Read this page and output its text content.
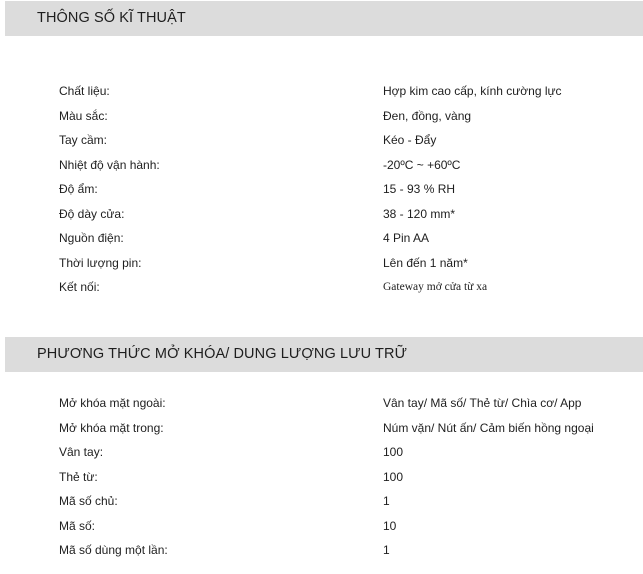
THÔNG SỐ KĨ THUẬT
Chất liệu:	Hợp kim cao cấp, kính cường lực
Màu sắc:	Đen, đồng, vàng
Tay cầm:	Kéo - Đẩy
Nhiệt độ vận hành:	-20ºC ~ +60ºC
Độ ẩm:	15 - 93 % RH
Độ dày cửa:	38 - 120 mm*
Nguồn điện:	4 Pin AA
Thời lượng pin:	Lên đến 1 năm*
Kết nối:	Gateway mở cửa từ xa
PHƯƠNG THỨC MỞ KHÓA/ DUNG LƯỢNG LƯU TRỮ
Mở khóa mặt ngoài:	Vân tay/ Mã số/ Thẻ từ/ Chìa cơ/ App
Mở khóa mặt trong:	Núm vặn/ Nút ấn/ Cảm biến hồng ngoại
Vân tay:	100
Thẻ từ:	100
Mã số chủ:	1
Mã số:	10
Mã số dùng một lần:	1
